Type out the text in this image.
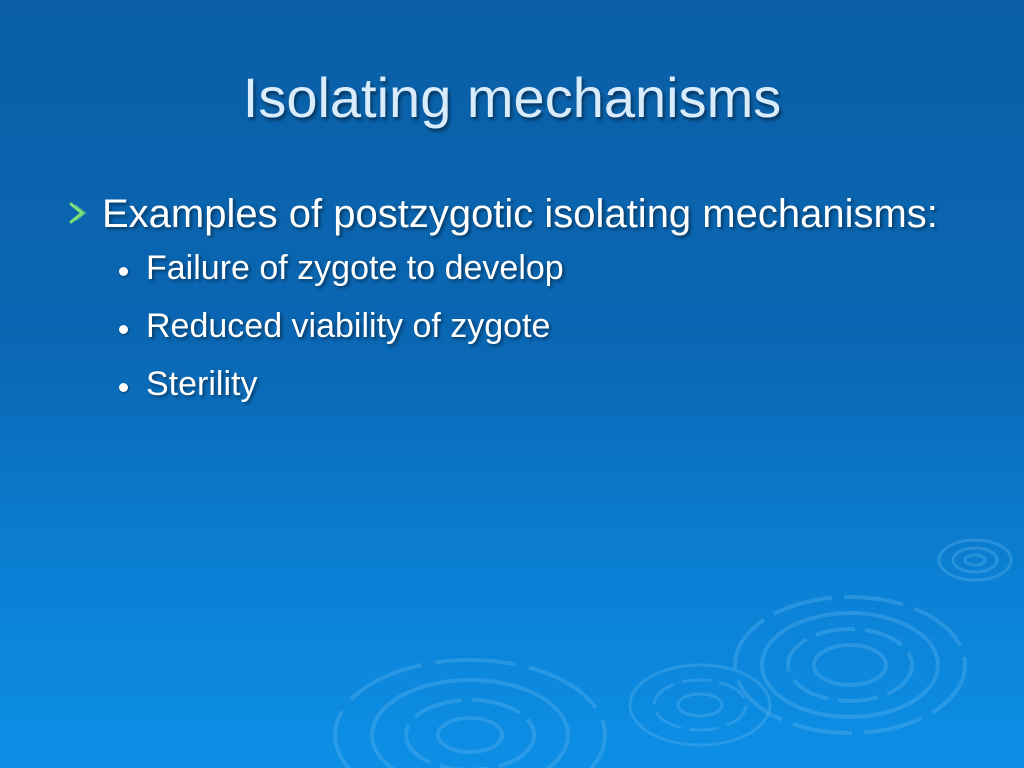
Isolating mechanisms
Examples of postzygotic isolating mechanisms:
Failure of zygote to develop
Reduced viability of zygote
Sterility
